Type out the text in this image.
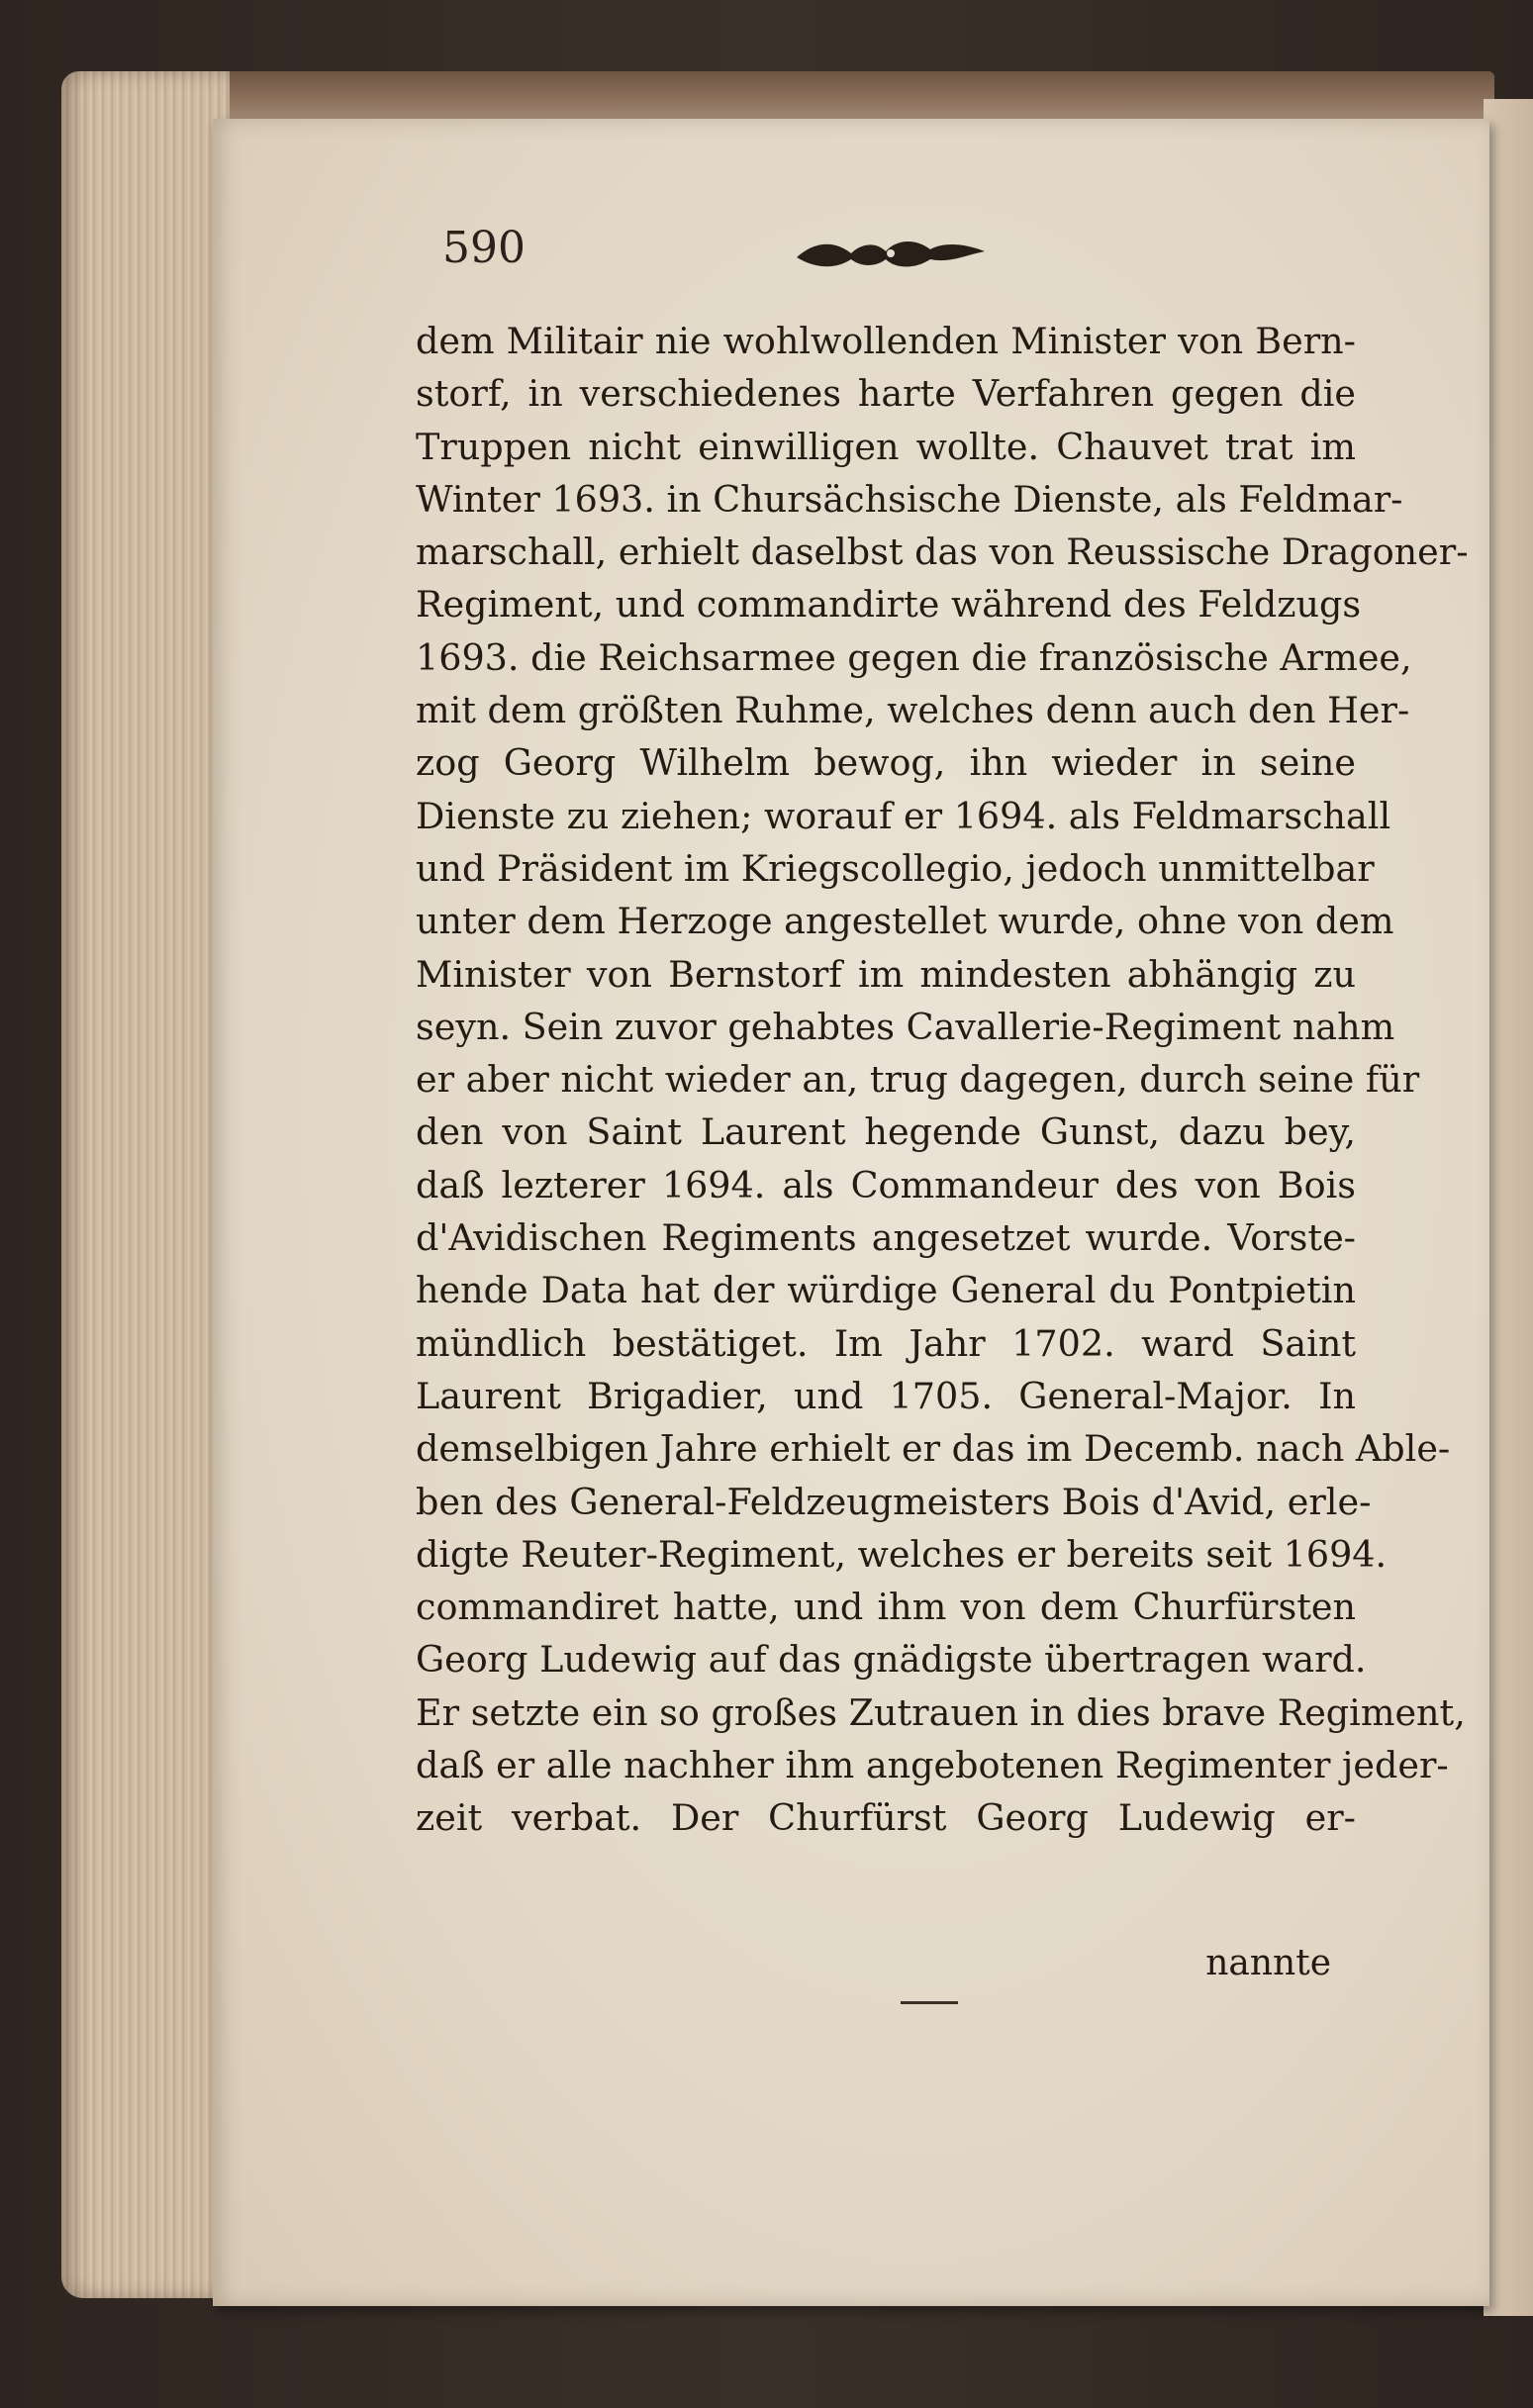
590
dem Militair nie wohlwollenden Minister von Bern-
storf, in verschiedenes harte Verfahren gegen die
Truppen nicht einwilligen wollte. Chauvet trat im
Winter 1693. in Chursächsische Dienste, als Feldmar-
marschall, erhielt daselbst das von Reussische Dragoner-
Regiment, und commandirte während des Feldzugs
1693. die Reichsarmee gegen die französische Armee,
mit dem größten Ruhme, welches denn auch den Her-
zog Georg Wilhelm bewog, ihn wieder in seine
Dienste zu ziehen; worauf er 1694. als Feldmarschall
und Präsident im Kriegscollegio, jedoch unmittelbar
unter dem Herzoge angestellet wurde, ohne von dem
Minister von Bernstorf im mindesten abhängig zu
seyn. Sein zuvor gehabtes Cavallerie-Regiment nahm
er aber nicht wieder an, trug dagegen, durch seine für
den von Saint Laurent hegende Gunst, dazu bey,
daß lezterer 1694. als Commandeur des von Bois
d'Avidischen Regiments angesetzet wurde. Vorste-
hende Data hat der würdige General du Pontpietin
mündlich bestätiget. Im Jahr 1702. ward Saint
Laurent Brigadier, und 1705. General-Major. In
demselbigen Jahre erhielt er das im Decemb. nach Able-
ben des General-Feldzeugmeisters Bois d'Avid, erle-
digte Reuter-Regiment, welches er bereits seit 1694.
commandiret hatte, und ihm von dem Churfürsten
Georg Ludewig auf das gnädigste übertragen ward.
Er setzte ein so großes Zutrauen in dies brave Regiment,
daß er alle nachher ihm angebotenen Regimenter jeder-
zeit verbat. Der Churfürst Georg Ludewig er-
nannte
